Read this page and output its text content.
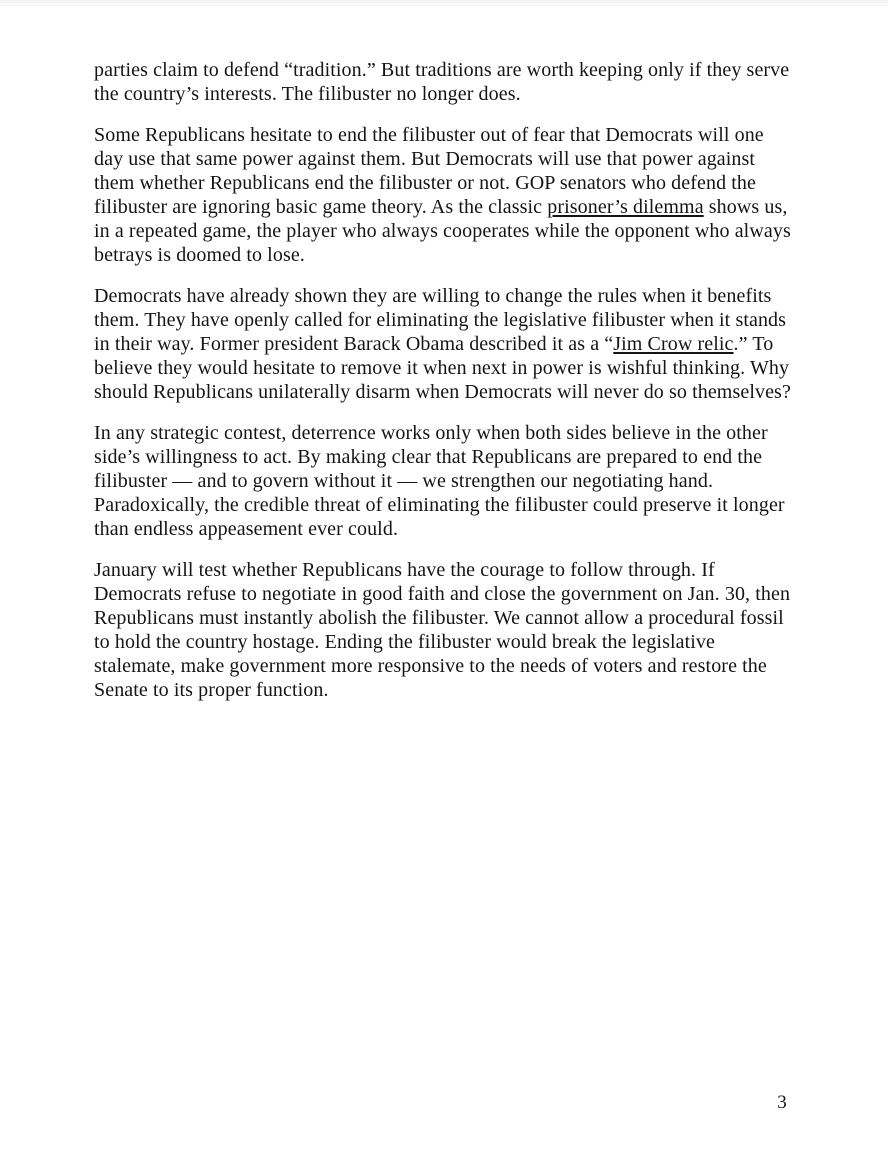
parties claim to defend “tradition.” But traditions are worth keeping only if they serve the country’s interests. The filibuster no longer does.

Some Republicans hesitate to end the filibuster out of fear that Democrats will one day use that same power against them. But Democrats will use that power against them whether Republicans end the filibuster or not. GOP senators who defend the filibuster are ignoring basic game theory. As the classic prisoner’s dilemma shows us, in a repeated game, the player who always cooperates while the opponent who always betrays is doomed to lose.

Democrats have already shown they are willing to change the rules when it benefits them. They have openly called for eliminating the legislative filibuster when it stands in their way. Former president Barack Obama described it as a “Jim Crow relic.” To believe they would hesitate to remove it when next in power is wishful thinking. Why should Republicans unilaterally disarm when Democrats will never do so themselves?

In any strategic contest, deterrence works only when both sides believe in the other side’s willingness to act. By making clear that Republicans are prepared to end the filibuster — and to govern without it — we strengthen our negotiating hand. Paradoxically, the credible threat of eliminating the filibuster could preserve it longer than endless appeasement ever could.

January will test whether Republicans have the courage to follow through. If Democrats refuse to negotiate in good faith and close the government on Jan. 30, then Republicans must instantly abolish the filibuster. We cannot allow a procedural fossil to hold the country hostage. Ending the filibuster would break the legislative stalemate, make government more responsive to the needs of voters and restore the Senate to its proper function.

3
